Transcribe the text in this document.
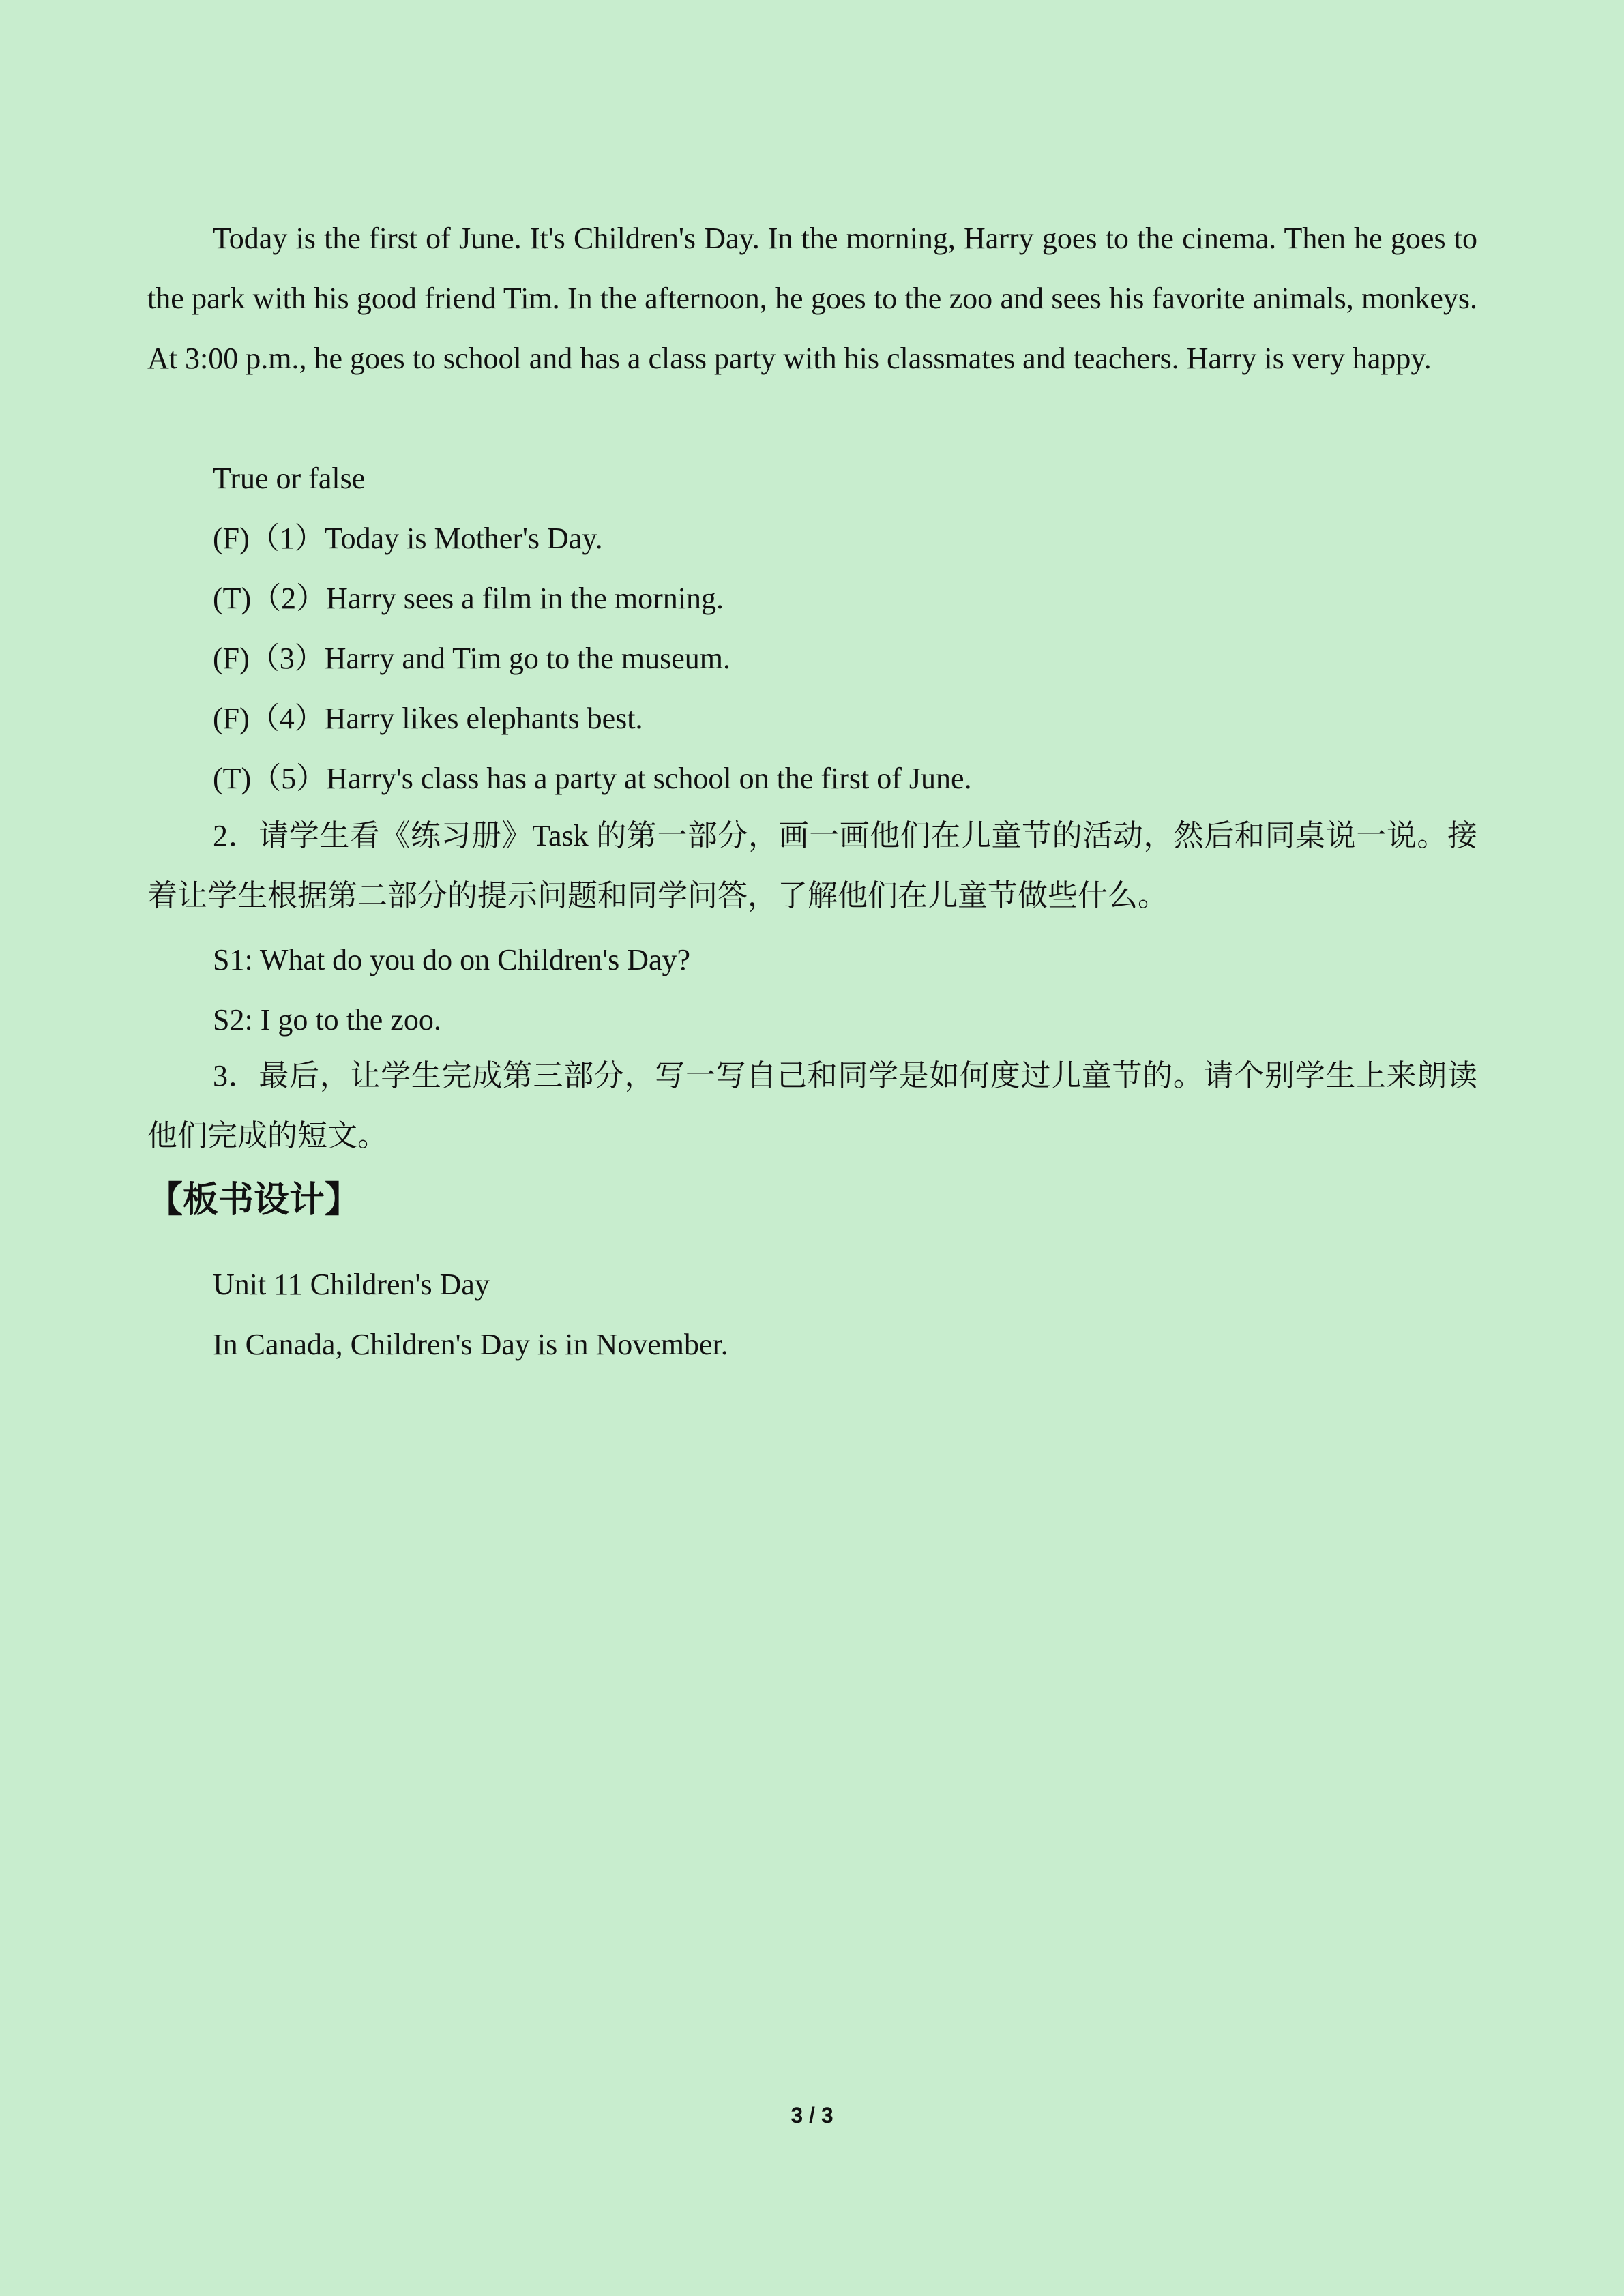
Today is the first of June. It's Children's Day. In the morning, Harry goes to the cinema. Then he goes to the park with his good friend Tim. In the afternoon, he goes to the zoo and sees his favorite animals, monkeys. At 3:00 p.m., he goes to school and has a class party with his classmates and teachers. Harry is very happy.

True or false

(F)（1）Today is Mother's Day.

(T)（2）Harry sees a film in the morning.

(F)（3）Harry and Tim go to the museum.

(F)（4）Harry likes elephants best.

(T)（5）Harry's class has a party at school on the first of June.

2．请学生看《练习册》Task 的第一部分，画一画他们在儿童节的活动，然后和同桌说一说。接着让学生根据第二部分的提示问题和同学问答，了解他们在儿童节做些什么。

S1: What do you do on Children's Day?

S2: I go to the zoo.

3．最后，让学生完成第三部分，写一写自己和同学是如何度过儿童节的。请个别学生上来朗读他们完成的短文。

【板书设计】

Unit 11 Children's Day

In Canada, Children's Day is in November.

3 / 3
